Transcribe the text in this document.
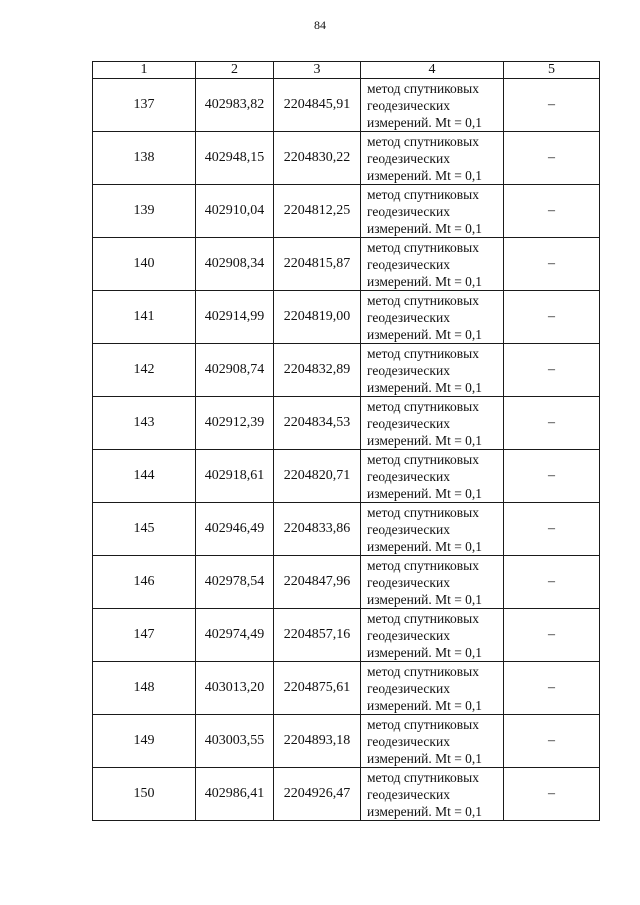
84
1	2	3	4	5
137	402983,82	2204845,91	метод спутниковых
геодезических
измерений. Mt = 0,1	–
138	402948,15	2204830,22	метод спутниковых
геодезических
измерений. Mt = 0,1	–
139	402910,04	2204812,25	метод спутниковых
геодезических
измерений. Mt = 0,1	–
140	402908,34	2204815,87	метод спутниковых
геодезических
измерений. Mt = 0,1	–
141	402914,99	2204819,00	метод спутниковых
геодезических
измерений. Mt = 0,1	–
142	402908,74	2204832,89	метод спутниковых
геодезических
измерений. Mt = 0,1	–
143	402912,39	2204834,53	метод спутниковых
геодезических
измерений. Mt = 0,1	–
144	402918,61	2204820,71	метод спутниковых
геодезических
измерений. Mt = 0,1	–
145	402946,49	2204833,86	метод спутниковых
геодезических
измерений. Mt = 0,1	–
146	402978,54	2204847,96	метод спутниковых
геодезических
измерений. Mt = 0,1	–
147	402974,49	2204857,16	метод спутниковых
геодезических
измерений. Mt = 0,1	–
148	403013,20	2204875,61	метод спутниковых
геодезических
измерений. Mt = 0,1	–
149	403003,55	2204893,18	метод спутниковых
геодезических
измерений. Mt = 0,1	–
150	402986,41	2204926,47	метод спутниковых
геодезических
измерений. Mt = 0,1	–
